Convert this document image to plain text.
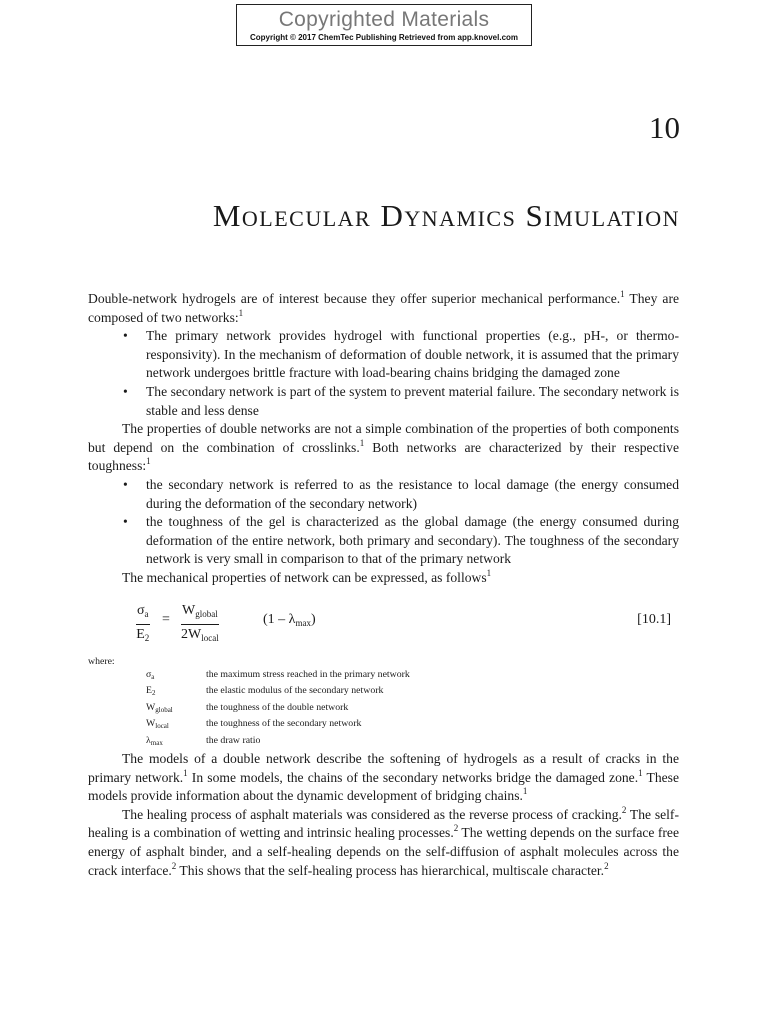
Copyrighted Materials
Copyright © 2017 ChemTec Publishing Retrieved from app.knovel.com
10
Molecular Dynamics Simulation

Double-network hydrogels are of interest because they offer superior mechanical performance.$^1$ They are composed of two networks:$^1$

• The primary network provides hydrogel with functional properties (e.g., pH-, or thermo-responsivity). In the mechanism of deformation of double network, it is assumed that the primary network undergoes brittle fracture with load-bearing chains bridging the damaged zone
• The secondary network is part of the system to prevent material failure. The secondary network is stable and less dense

The properties of double networks are not a simple combination of the properties of both components but depend on the combination of crosslinks.$^1$ Both networks are characterized by their respective toughness:$^1$

• the secondary network is referred to as the resistance to local damage (the energy consumed during the deformation of the secondary network)
• the toughness of the gel is characterized as the global damage (the energy consumed during deformation of the entire network, both primary and secondary). The toughness of the secondary network is very small in comparison to that of the primary network

The mechanical properties of network can be expressed, as follows$^1$

$\frac{\sigma_a}{E_2}$ =
$W_{global}$
$2W_{local}$
$(1 - \lambda_{max})$	[10.1]
where:
$\sigma_a$	the maximum stress reached in the primary network
$E_2$	the elastic modulus of the secondary network
$W_{global}$	the toughness of the double network
$W_{local}$	the toughness of the secondary network
$\lambda_{max}$	the draw ratio

The models of a double network describe the softening of hydrogels as a result of cracks in the primary network.$^1$ In some models, the chains of the secondary networks bridge the damaged zone.$^1$ These models provide information about the dynamic development of bridging chains.$^1$

The healing process of asphalt materials was considered as the reverse process of cracking.$^2$ The self-healing is a combination of wetting and intrinsic healing processes.$^2$ The wetting depends on the surface free energy of asphalt binder, and a self-healing depends on the self-diffusion of asphalt molecules across the crack interface.$^2$ This shows that the self-healing process has hierarchical, multiscale character.$^2$
